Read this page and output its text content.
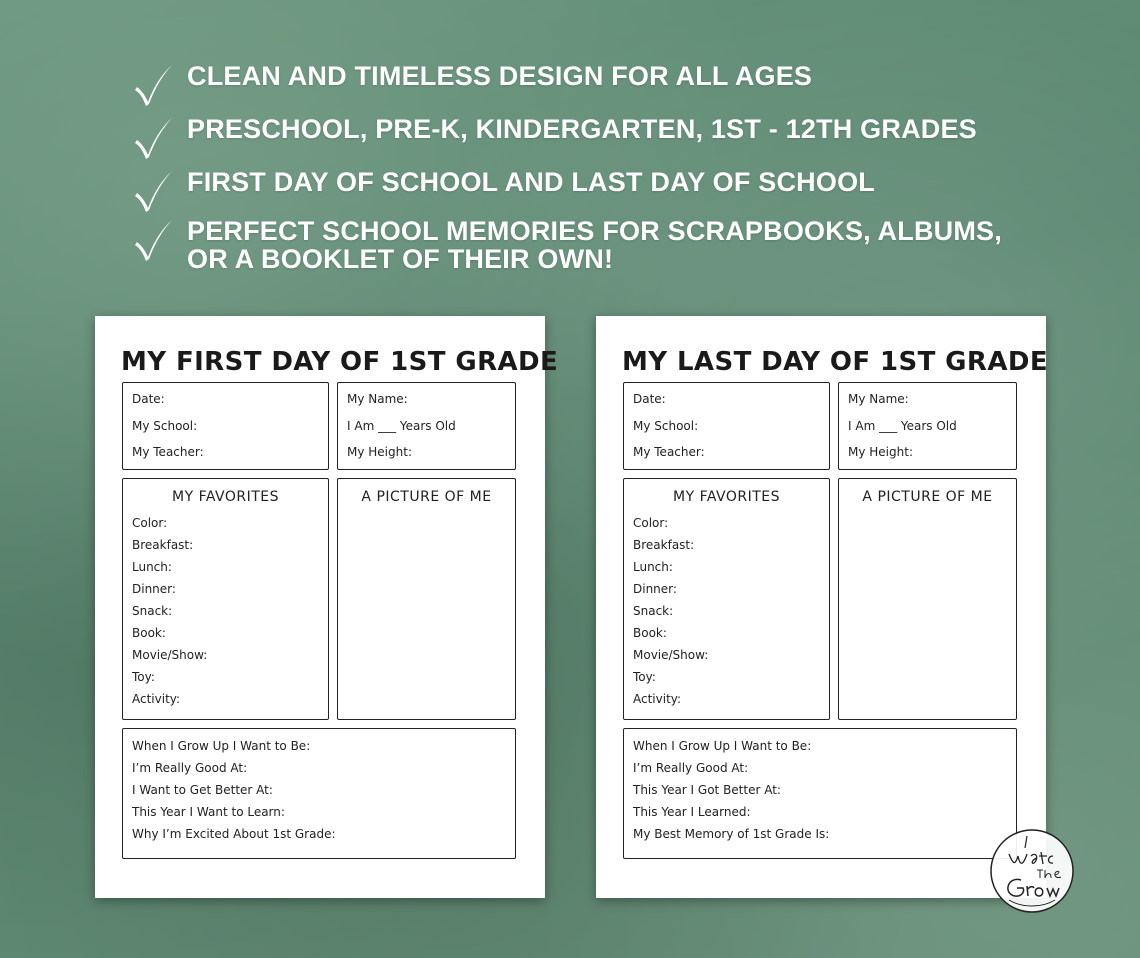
CLEAN AND TIMELESS DESIGN FOR ALL AGES
PRESCHOOL, PRE-K, KINDERGARTEN, 1ST - 12TH GRADES
FIRST DAY OF SCHOOL AND LAST DAY OF SCHOOL
PERFECT SCHOOL MEMORIES FOR SCRAPBOOKS, ALBUMS, OR A BOOKLET OF THEIR OWN!
MY FIRST DAY OF 1ST GRADE
Date:
My School:
My Teacher:
My Name:
I Am ___ Years Old
My Height:
MY FAVORITES
Color:
Breakfast:
Lunch:
Dinner:
Snack:
Book:
Movie/Show:
Toy:
Activity:
A PICTURE OF ME
When I Grow Up I Want to Be:
I’m Really Good At:
I Want to Get Better At:
This Year I Want to Learn:
Why I’m Excited About 1st Grade:
MY LAST DAY OF 1ST GRADE
Date:
My School:
My Teacher:
My Name:
I Am ___ Years Old
My Height:
MY FAVORITES
Color:
Breakfast:
Lunch:
Dinner:
Snack:
Book:
Movie/Show:
Toy:
Activity:
A PICTURE OF ME
When I Grow Up I Want to Be:
I’m Really Good At:
This Year I Got Better At:
This Year I Learned:
My Best Memory of 1st Grade Is:
